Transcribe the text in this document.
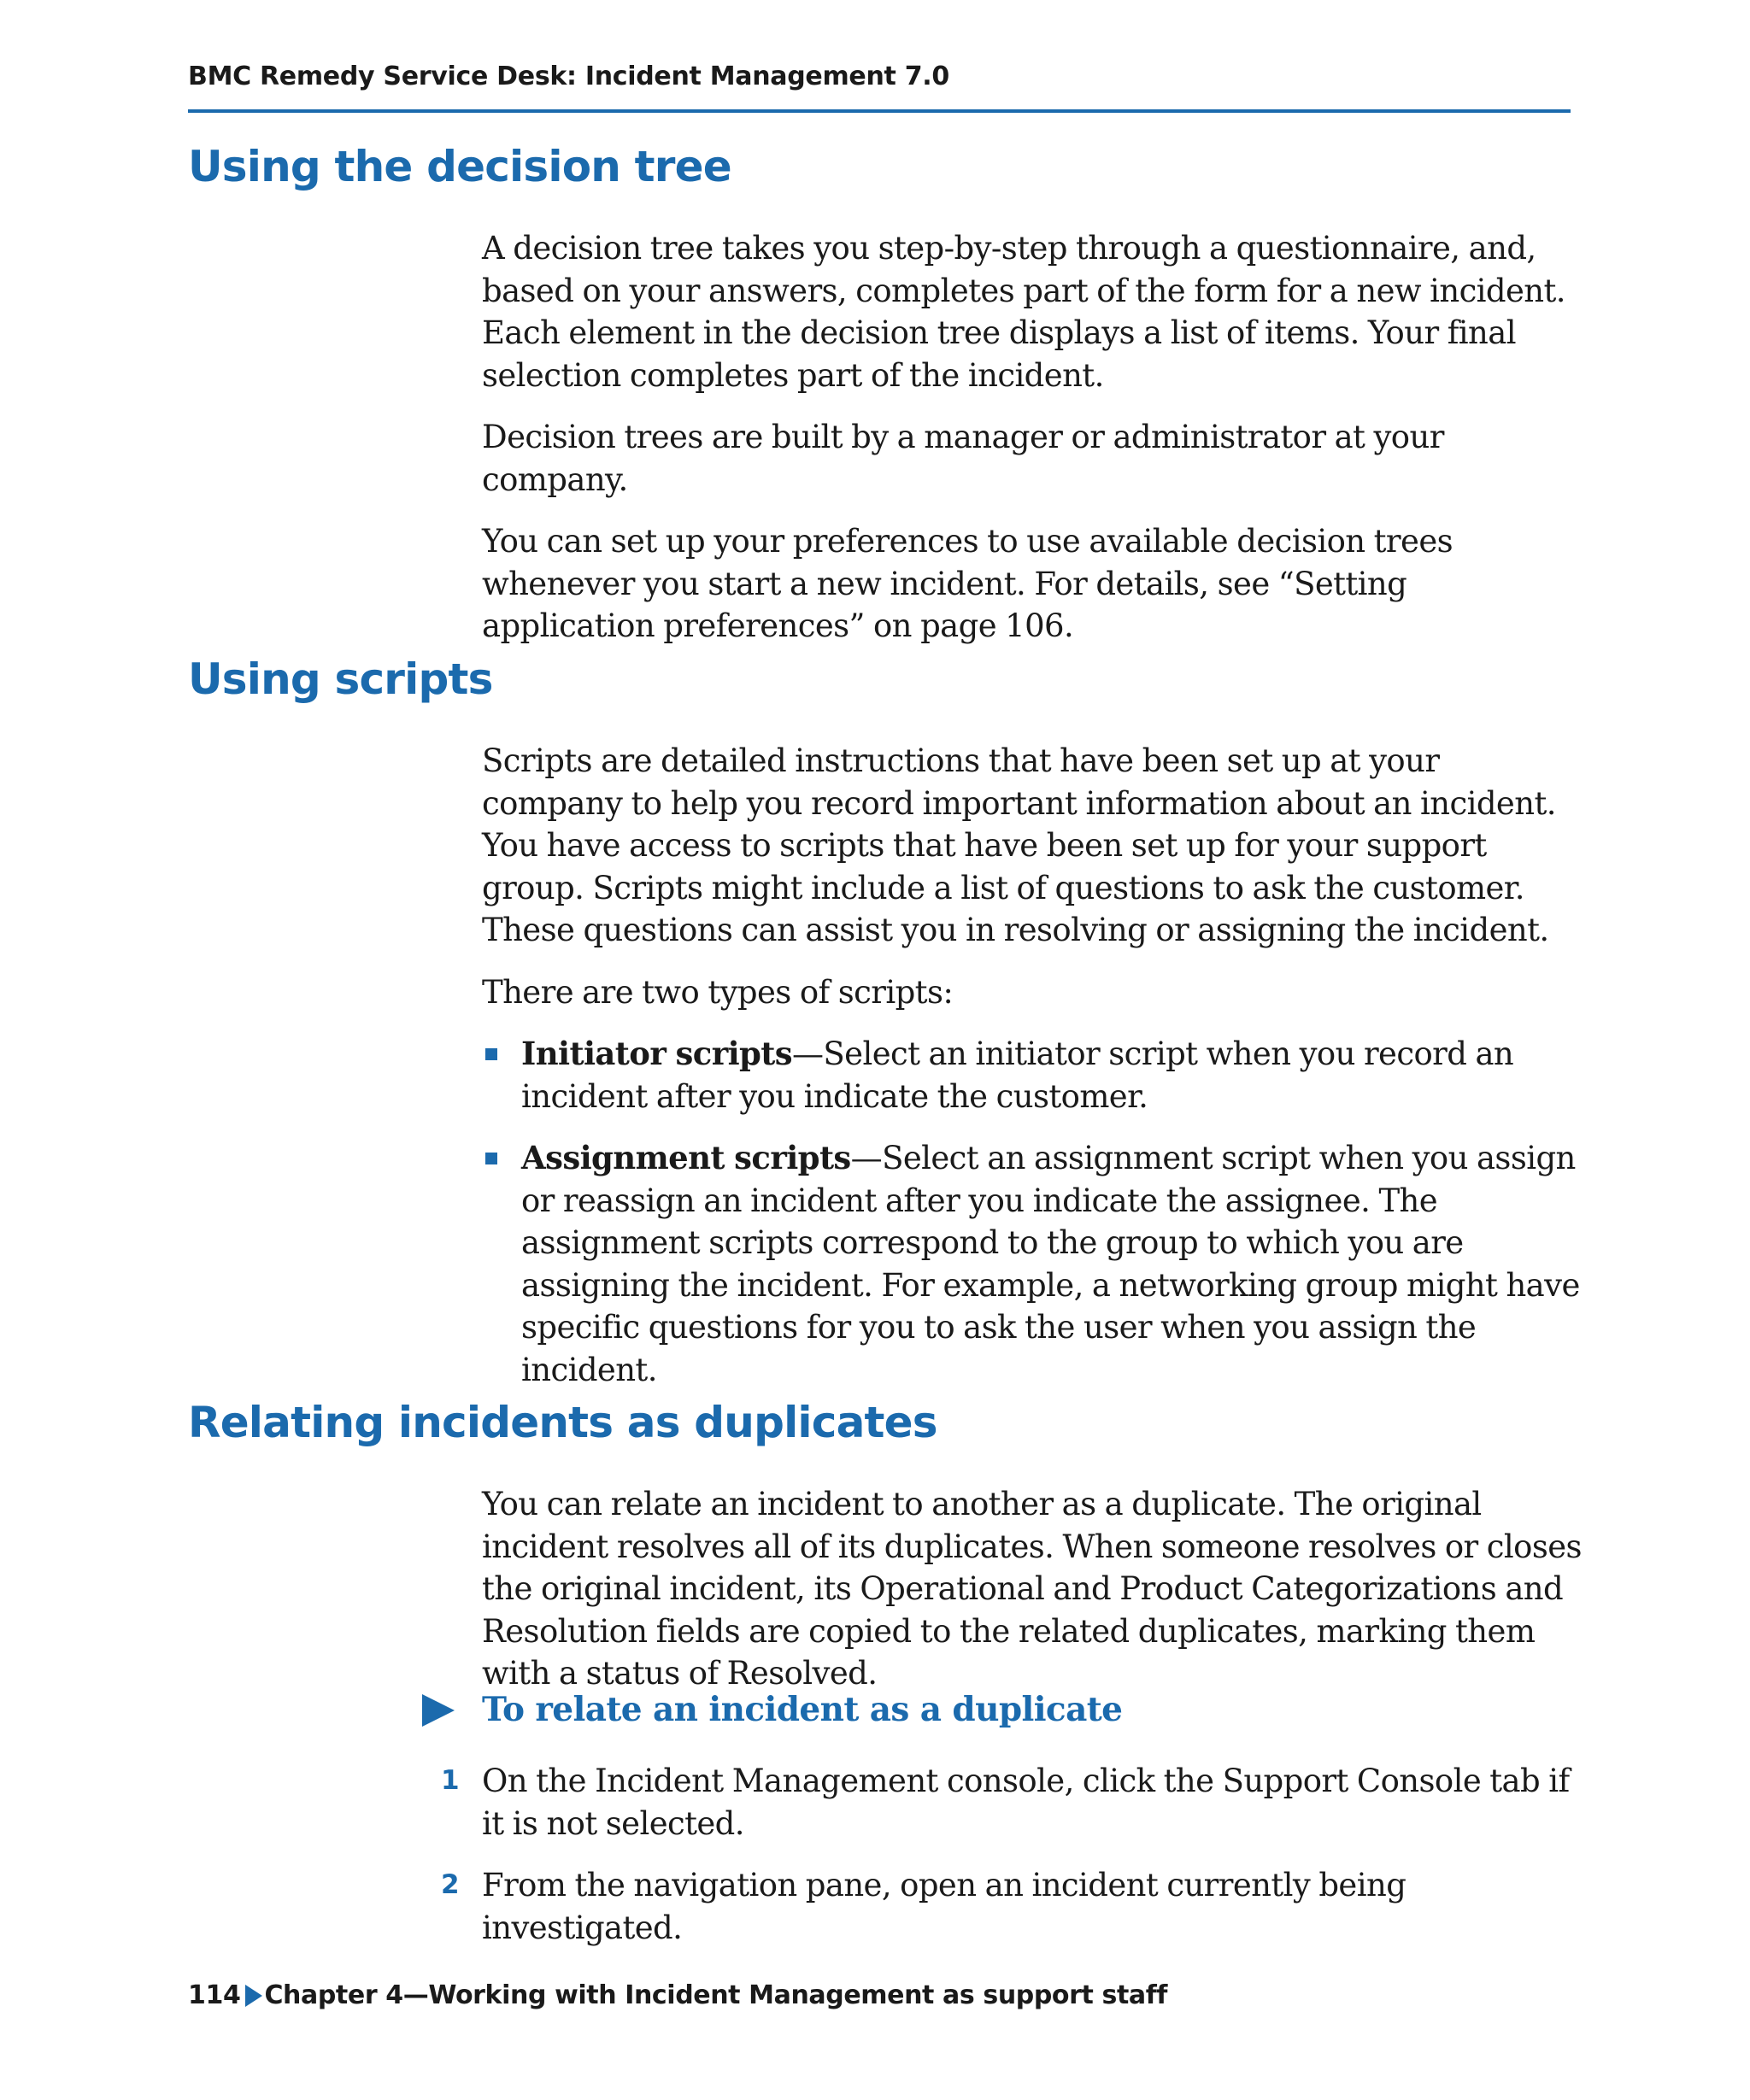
BMC Remedy Service Desk: Incident Management 7.0
Using the decision tree

A decision tree takes you step-by-step through a questionnaire, and, based on your answers, completes part of the form for a new incident. Each element in the decision tree displays a list of items. Your final selection completes part of the incident.

Decision trees are built by a manager or administrator at your company.

You can set up your preferences to use available decision trees whenever you start a new incident. For details, see “Setting application preferences” on page 106.

Using scripts

Scripts are detailed instructions that have been set up at your company to help you record important information about an incident. You have access to scripts that have been set up for your support group. Scripts might include a list of questions to ask the customer. These questions can assist you in resolving or assigning the incident.

There are two types of scripts:

Initiator scripts—Select an initiator script when you record an incident after you indicate the customer.
Assignment scripts—Select an assignment script when you assign or reassign an incident after you indicate the assignee. The assignment scripts correspond to the group to which you are assigning the incident. For example, a networking group might have specific questions for you to ask the user when you assign the incident.
Relating incidents as duplicates

You can relate an incident to another as a duplicate. The original incident resolves all of its duplicates. When someone resolves or closes the original incident, its Operational and Product Categorizations and Resolution fields are copied to the related duplicates, marking them with a status of Resolved.

To relate an incident as a duplicate
1 On the Incident Management console, click the Support Console tab if it is not selected.
2 From the navigation pane, open an incident currently being investigated.
114 Chapter 4—Working with Incident Management as support staff
